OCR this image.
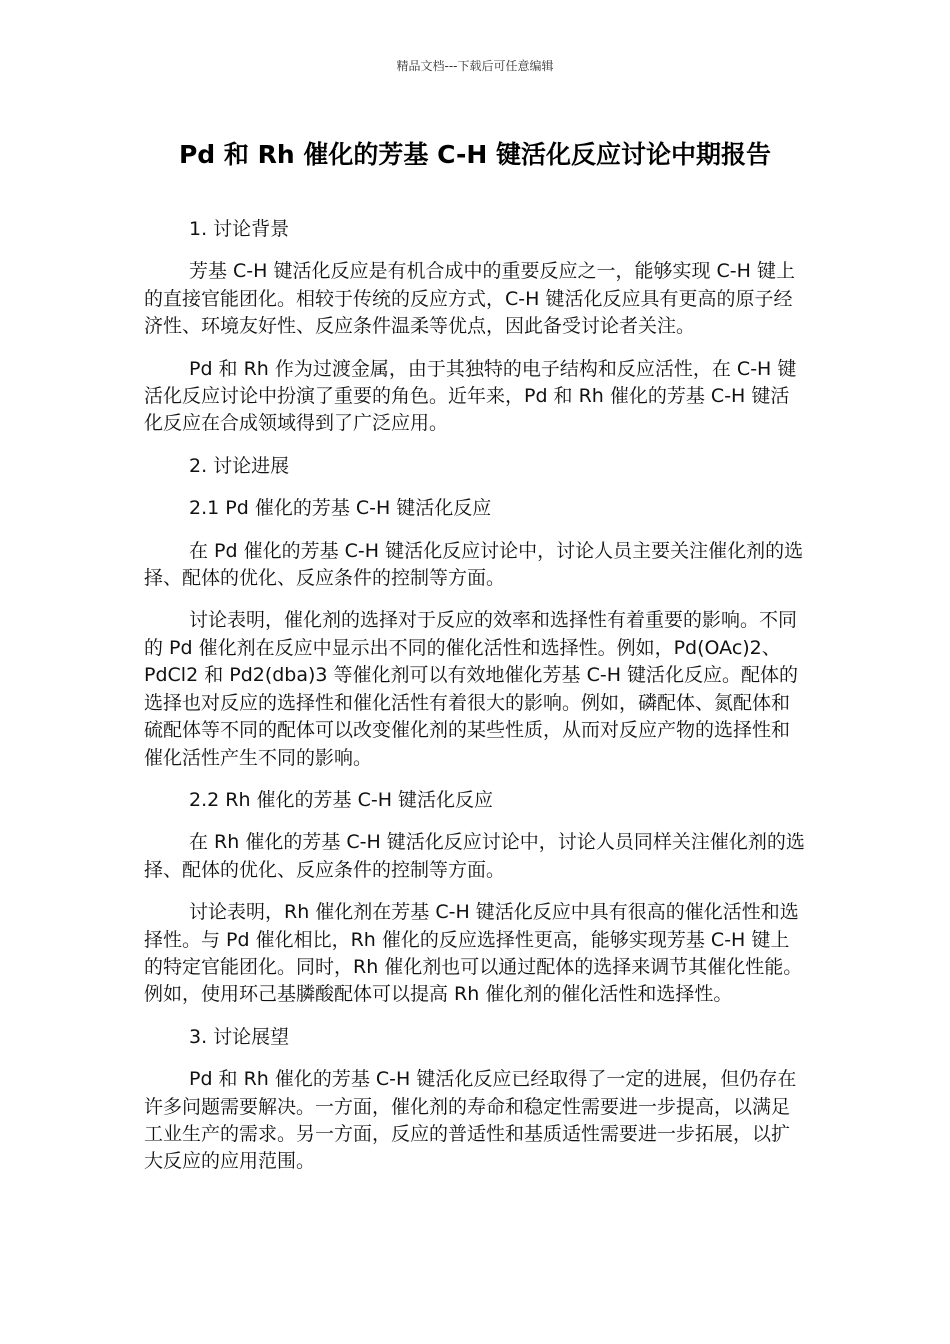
精品文档---下载后可任意编辑
Pd 和 Rh 催化的芳基 C-H 键活化反应讨论中期报告
1. 讨论背景

芳基 C-H 键活化反应是有机合成中的重要反应之一，能够实现 C-H 键上的直接官能团化。相较于传统的反应方式，C-H 键活化反应具有更高的原子经济性、环境友好性、反应条件温柔等优点，因此备受讨论者关注。

Pd 和 Rh 作为过渡金属，由于其独特的电子结构和反应活性，在 C-H 键活化反应讨论中扮演了重要的角色。近年来，Pd 和 Rh 催化的芳基 C-H 键活化反应在合成领域得到了广泛应用。

2. 讨论进展
2.1 Pd 催化的芳基 C-H 键活化反应

在 Pd 催化的芳基 C-H 键活化反应讨论中，讨论人员主要关注催化剂的选择、配体的优化、反应条件的控制等方面。

讨论表明，催化剂的选择对于反应的效率和选择性有着重要的影响。不同的 Pd 催化剂在反应中显示出不同的催化活性和选择性。例如，Pd(OAc)2、PdCl2 和 Pd2(dba)3 等催化剂可以有效地催化芳基 C-H 键活化反应。配体的选择也对反应的选择性和催化活性有着很大的影响。例如，磷配体、氮配体和硫配体等不同的配体可以改变催化剂的某些性质，从而对反应产物的选择性和催化活性产生不同的影响。

2.2 Rh 催化的芳基 C-H 键活化反应

在 Rh 催化的芳基 C-H 键活化反应讨论中，讨论人员同样关注催化剂的选择、配体的优化、反应条件的控制等方面。

讨论表明，Rh 催化剂在芳基 C-H 键活化反应中具有很高的催化活性和选择性。与 Pd 催化相比，Rh 催化的反应选择性更高，能够实现芳基 C-H 键上的特定官能团化。同时，Rh 催化剂也可以通过配体的选择来调节其催化性能。例如，使用环己基膦酸配体可以提高 Rh 催化剂的催化活性和选择性。

3. 讨论展望

Pd 和 Rh 催化的芳基 C-H 键活化反应已经取得了一定的进展，但仍存在许多问题需要解决。一方面，催化剂的寿命和稳定性需要进一步提高，以满足工业生产的需求。另一方面，反应的普适性和基质适性需要进一步拓展，以扩大反应的应用范围。
